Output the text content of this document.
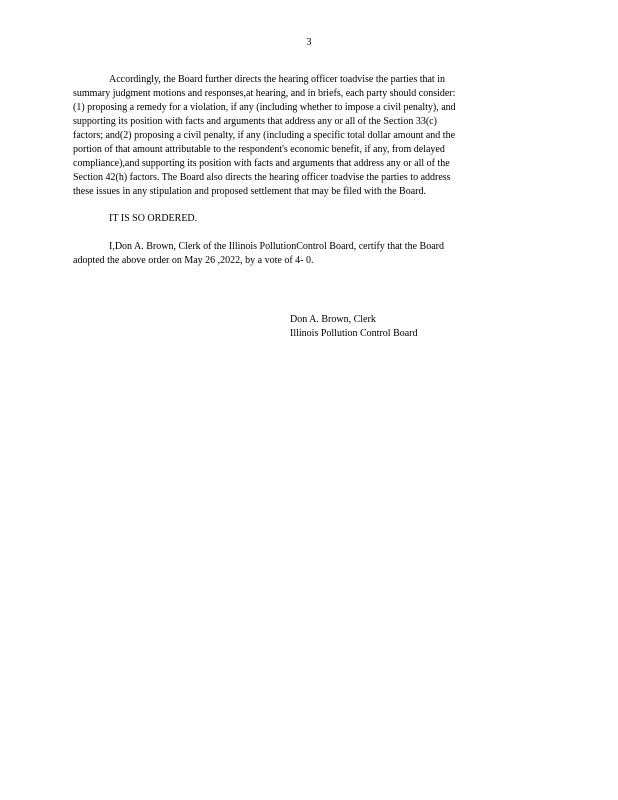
3
Accordingly, the Board further directs the hearing officer toadvise the parties that in
summary judgment motions and responses,at hearing, and in briefs, each party should consider:
(1) proposing a remedy for a violation, if any (including whether to impose a civil penalty), and
supporting its position with facts and arguments that address any or all of the Section 33(c)
factors; and(2) proposing a civil penalty, if any (including a specific total dollar amount and the
portion of that amount attributable to the respondent's economic benefit, if any, from delayed
compliance),and supporting its position with facts and arguments that address any or all of the
Section 42(h) factors. The Board also directs the hearing officer toadvise the parties to address
these issues in any stipulation and proposed settlement that may be filed with the Board.
IT IS SO ORDERED.
I,Don A. Brown, Clerk of the Illinois PollutionControl Board, certify that the Board
adopted the above order on May 26 ,2022, by a vote of 4- 0.
Don A. Brown, Clerk
Illinois Pollution Control Board
